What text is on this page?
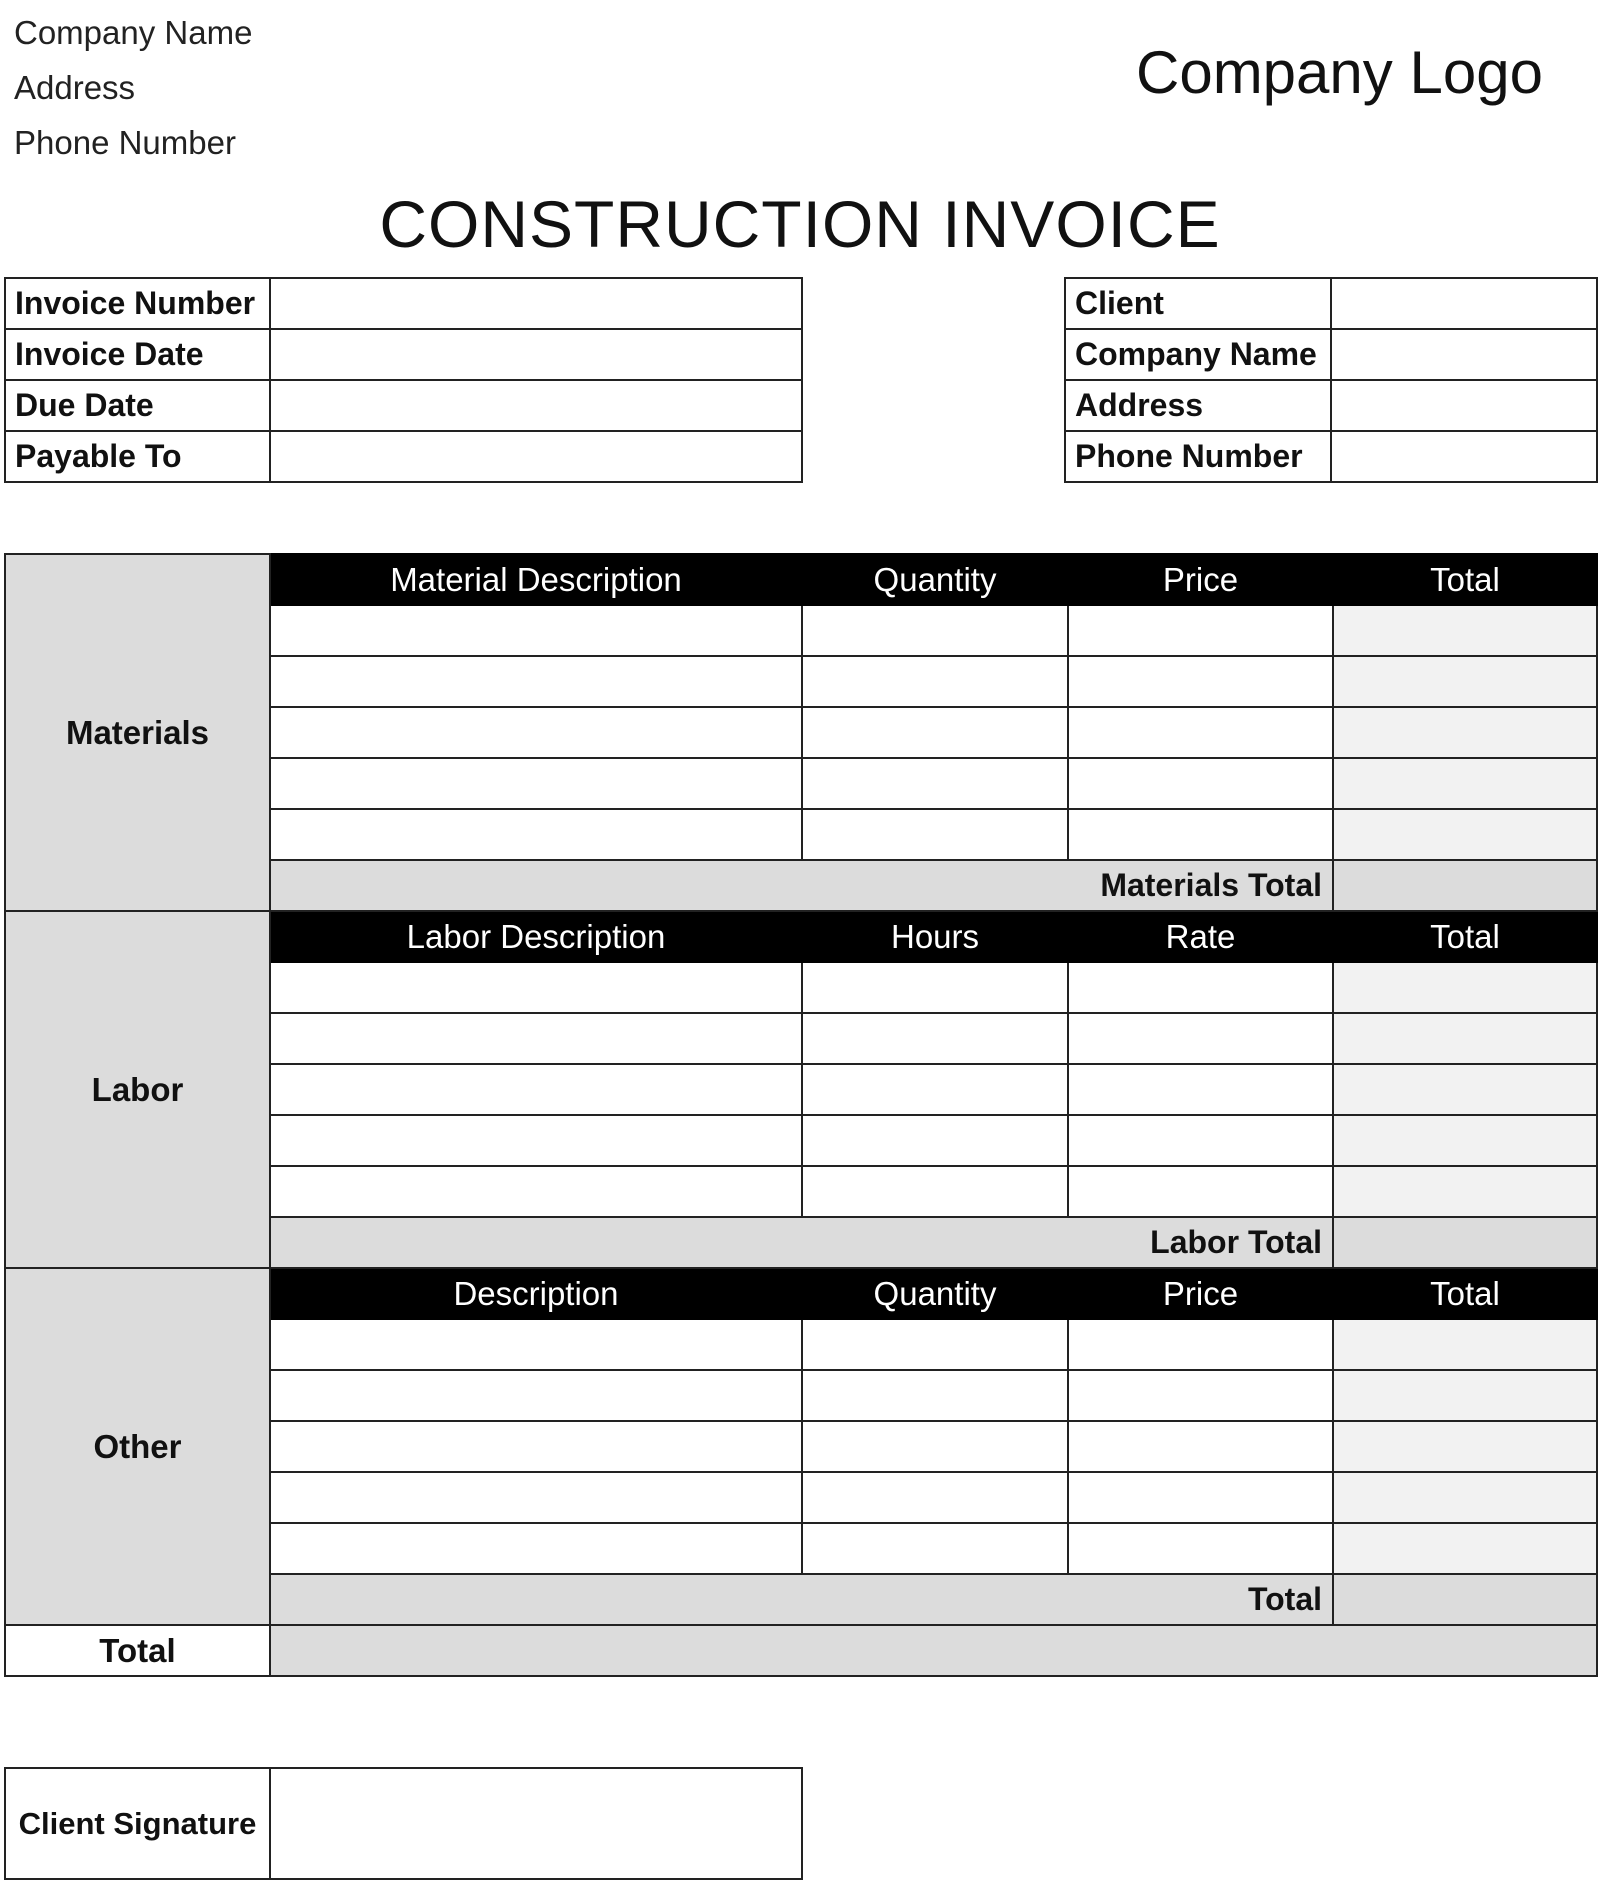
Company Name
Address
Phone Number
Company Logo
CONSTRUCTION INVOICE
Invoice Number	
Invoice Date	
Due Date	
Payable To	
Client	
Company Name	
Address	
Phone Number	
Materials	Material Description	Quantity	Price	Total

	Materials Total			
Labor	Labor Description	Hours	Rate	Total

	Labor Total			
Other	Description	Quantity	Price	Total

	Total			
Total				
Client Signature	
